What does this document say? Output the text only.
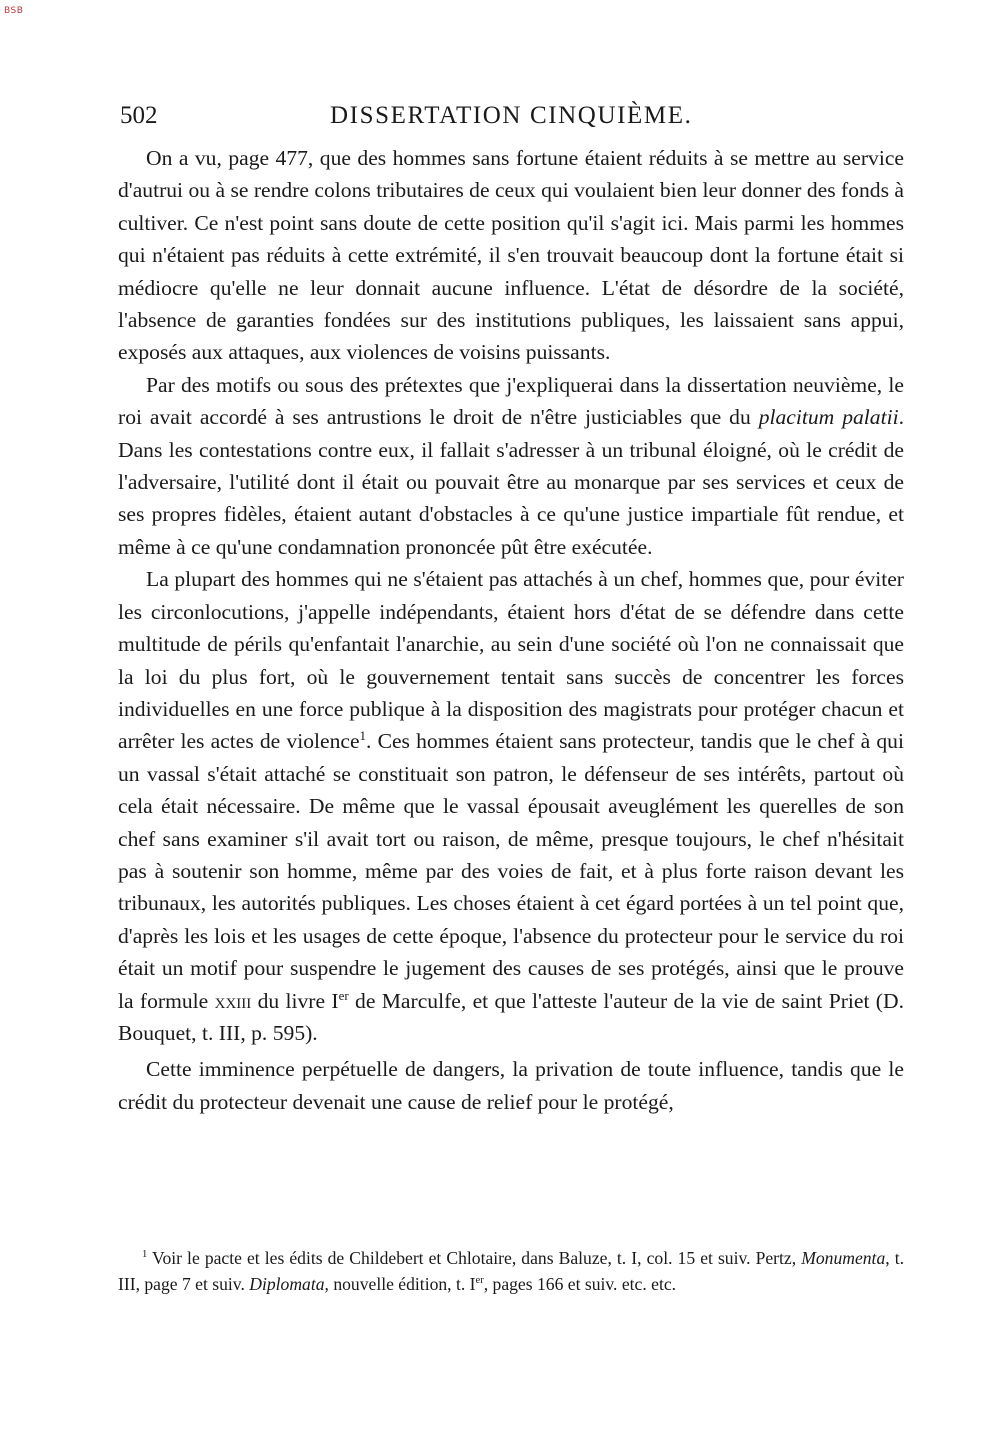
BSB
502	DISSERTATION CINQUIÈME.

On a vu, page 477, que des hommes sans fortune étaient réduits à se mettre au service d'autrui ou à se rendre colons tributaires de ceux qui voulaient bien leur donner des fonds à cultiver. Ce n'est point sans doute de cette position qu'il s'agit ici. Mais parmi les hommes qui n'étaient pas réduits à cette extrémité, il s'en trouvait beaucoup dont la fortune était si médiocre qu'elle ne leur donnait aucune influence. L'état de désordre de la société, l'absence de garanties fondées sur des institutions publiques, les laissaient sans appui, exposés aux attaques, aux violences de voisins puissants.

Par des motifs ou sous des prétextes que j'expliquerai dans la dissertation neuvième, le roi avait accordé à ses antrustions le droit de n'être justiciables que du placitum palatii. Dans les contestations contre eux, il fallait s'adresser à un tribunal éloigné, où le crédit de l'adversaire, l'utilité dont il était ou pouvait être au monarque par ses services et ceux de ses propres fidèles, étaient autant d'obstacles à ce qu'une justice impartiale fût rendue, et même à ce qu'une condamnation prononcée pût être exécutée.

La plupart des hommes qui ne s'étaient pas attachés à un chef, hommes que, pour éviter les circonlocutions, j'appelle indépendants, étaient hors d'état de se défendre dans cette multitude de périls qu'enfantait l'anarchie, au sein d'une société où l'on ne connaissait que la loi du plus fort, où le gouvernement tentait sans succès de concentrer les forces individuelles en une force publique à la disposition des magistrats pour protéger chacun et arrêter les actes de violence$^1$. Ces hommes étaient sans protecteur, tandis que le chef à qui un vassal s'était attaché se constituait son patron, le défenseur de ses intérêts, partout où cela était nécessaire. De même que le vassal épousait aveuglément les querelles de son chef sans examiner s'il avait tort ou raison, de même, presque toujours, le chef n'hésitait pas à soutenir son homme, même par des voies de fait, et à plus forte raison devant les tribunaux, les autorités publiques. Les choses étaient à cet égard portées à un tel point que, d'après les lois et les usages de cette époque, l'absence du protecteur pour le service du roi était un motif pour suspendre le jugement des causes de ses protégés, ainsi que le prouve la formule xxiii du livre Ier de Marculfe, et que l'atteste l'auteur de la vie de saint Priet (D. Bouquet, t. III, p. 595).

Cette imminence perpétuelle de dangers, la privation de toute influence, tandis que le crédit du protecteur devenait une cause de relief pour le protégé,

$^1$ Voir le pacte et les édits de Childebert et Chlotaire, dans Baluze, t. I, col. 15 et suiv. Pertz, Monumenta, t. III, page 7 et suiv. Diplomata, nouvelle édition, t. Ier, pages 166 et suiv. etc. etc.
